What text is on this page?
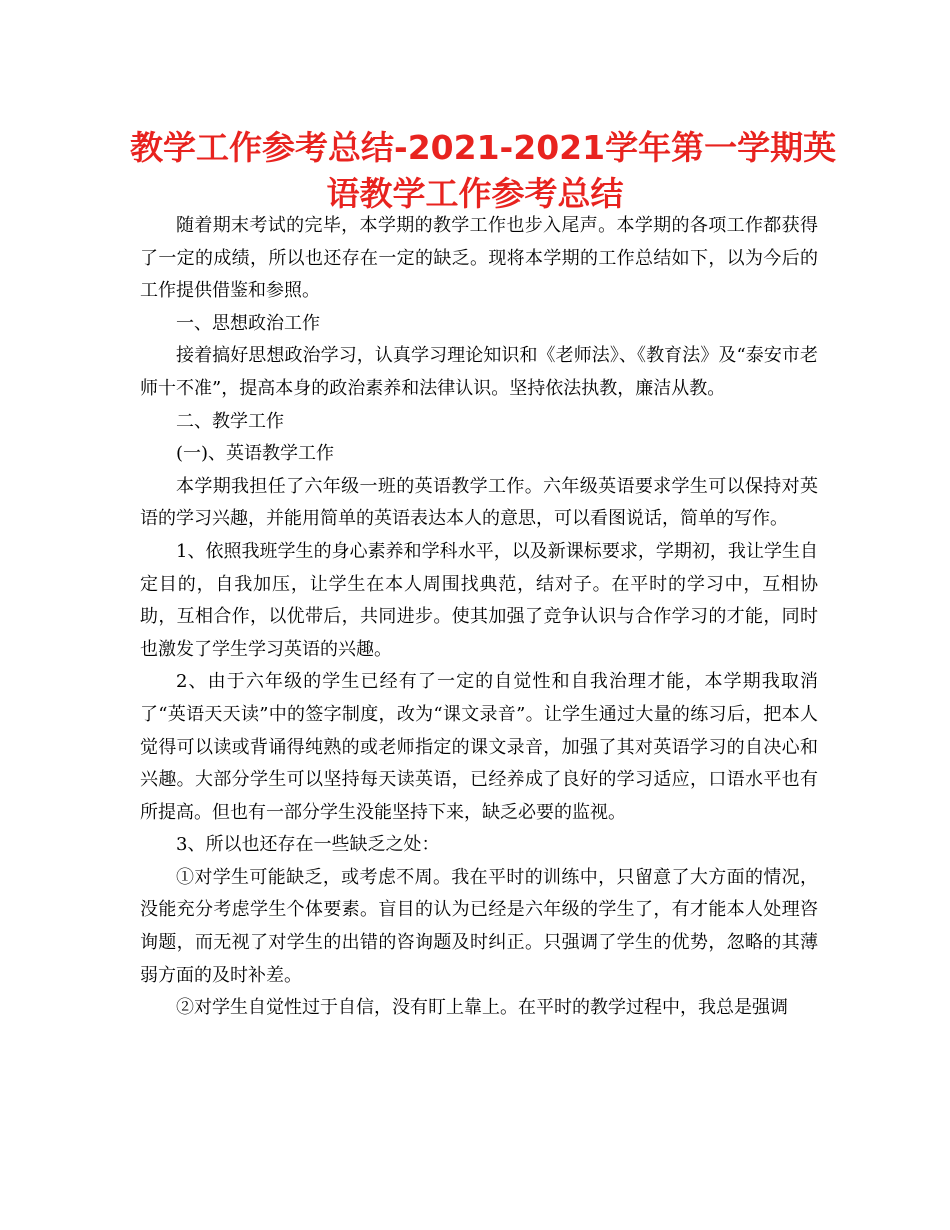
教学工作参考总结-2021-2021学年第一学期英
语教学工作参考总结

随着期末考试的完毕，本学期的教学工作也步入尾声。本学期的各项工作都获得了一定的成绩，所以也还存在一定的缺乏。现将本学期的工作总结如下，以为今后的工作提供借鉴和参照。

一、思想政治工作

接着搞好思想政治学习，认真学习理论知识和《老师法》、《教育法》及“泰安市老师十不准”，提高本身的政治素养和法律认识。坚持依法执教，廉洁从教。

二、教学工作

(一)、英语教学工作

本学期我担任了六年级一班的英语教学工作。六年级英语要求学生可以保持对英语的学习兴趣，并能用简单的英语表达本人的意思，可以看图说话，简单的写作。

1、依照我班学生的身心素养和学科水平，以及新课标要求，学期初，我让学生自定目的，自我加压，让学生在本人周围找典范，结对子。在平时的学习中，互相协助，互相合作，以优带后，共同进步。使其加强了竞争认识与合作学习的才能，同时也激发了学生学习英语的兴趣。

2、由于六年级的学生已经有了一定的自觉性和自我治理才能，本学期我取消了“英语天天读”中的签字制度，改为“课文录音”。让学生通过大量的练习后，把本人觉得可以读或背诵得纯熟的或老师指定的课文录音，加强了其对英语学习的自决心和兴趣。大部分学生可以坚持每天读英语，已经养成了良好的学习适应，口语水平也有所提高。但也有一部分学生没能坚持下来，缺乏必要的监视。

3、所以也还存在一些缺乏之处：

①对学生可能缺乏，或考虑不周。我在平时的训练中，只留意了大方面的情况，没能充分考虑学生个体要素。盲目的认为已经是六年级的学生了，有才能本人处理咨询题，而无视了对学生的出错的咨询题及时纠正。只强调了学生的优势，忽略的其薄弱方面的及时补差。

②对学生自觉性过于自信，没有盯上靠上。在平时的教学过程中，我总是强调
